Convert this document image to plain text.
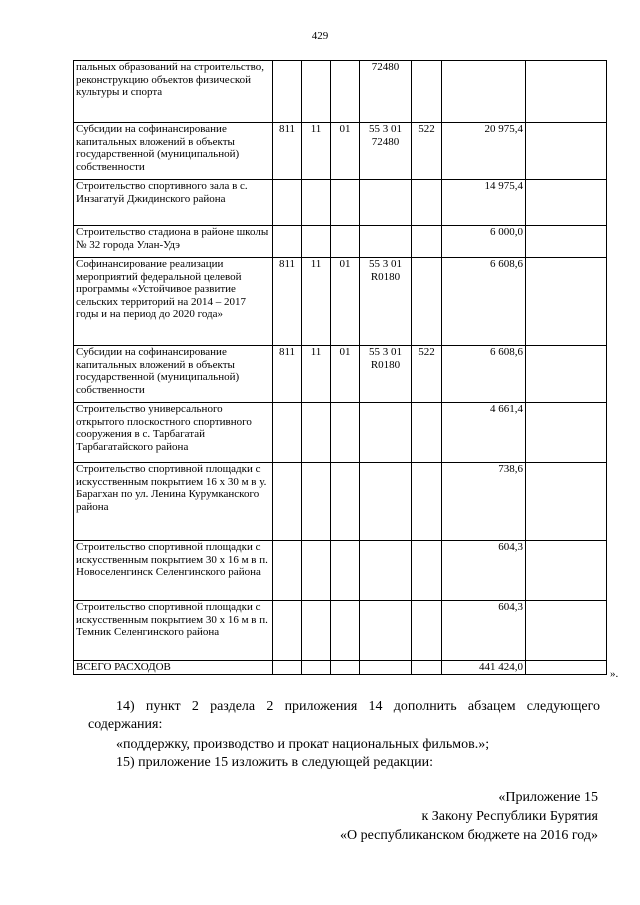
429
пальных образований на строительство, реконструкцию объектов физической культуры и спорта				72480			
Субсидии на софинансирование капитальных вложений в объекты государственной (муниципальной) собственности	811	11	01	55 3 01 72480	522	20 975,4	
Строительство спортивного зала в с. Инзагатуй Джидинского района						14 975,4	
Строительство стадиона в районе школы № 32 города Улан-Удэ						6 000,0	
Софинансирование реализации мероприятий федеральной целевой программы «Устойчивое развитие сельских территорий на 2014 – 2017 годы и на период до 2020 года»	811	11	01	55 3 01 R0180		6 608,6	
Субсидии на софинансирование капитальных вложений в объекты государственной (муниципальной) собственности	811	11	01	55 3 01 R0180	522	6 608,6	
Строительство универсального открытого плоскостного спортивного сооружения в с. Тарбагатай Тарбагатайского района						4 661,4	
Строительство спортивной площадки с искусственным покрытием 16 х 30 м в у. Барагхан по ул. Ленина Курумканского района						738,6	
Строительство спортивной площадки с искусственным покрытием 30 х 16 м в п. Новоселенгинск Селенгинского района						604,3	
Строительство спортивной площадки с искусственным покрытием 30 х 16 м в п. Темник Селенгинского района						604,3	
ВСЕГО РАСХОДОВ						441 424,0	
».
14) пункт 2 раздела 2 приложения 14 дополнить абзацем следующего содержания:
«поддержку, производство и прокат национальных фильмов.»;
15) приложение 15 изложить в следующей редакции:
«Приложение 15
к Закону Республики Бурятия
«О республиканском бюджете на 2016 год»
